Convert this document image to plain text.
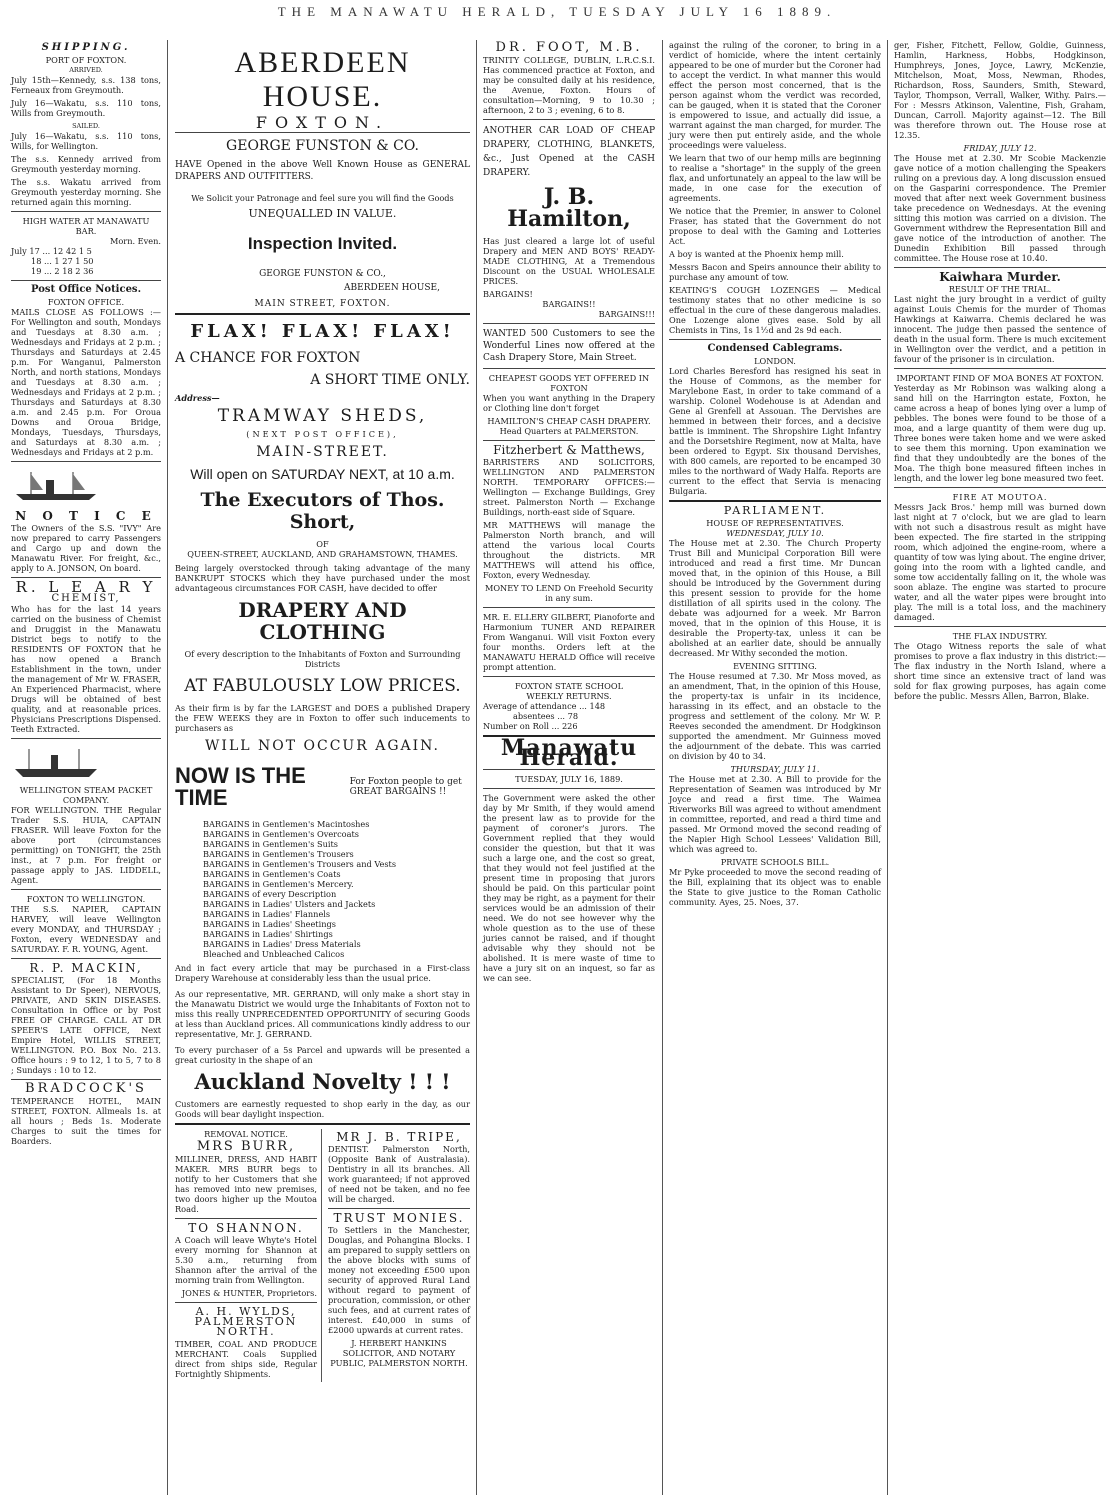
THE MANAWATU HERALD, TUESDAY JULY 16 1889.
SHIPPING.
PORT OF FOXTON.
ARRIVED.
July 15th—Kennedy, s.s. 138 tons, Ferneaux from Greymouth.
July 16—Wakatu, s.s. 110 tons, Wills from Greymouth.
SAILED.
July 16—Wakatu, s.s. 110 tons, Wills, for Wellington.
The s.s. Kennedy arrived from Greymouth yesterday morning.
The s.s. Wakatu arrived from Greymouth yesterday morning. She returned again this morning.
HIGH WATER AT MANAWATU BAR.
Morn. Even.
July 17 ... 12 42 1 5
18 ... 1 27 1 50
19 ... 2 18 2 36
Post Office Notices.
FOXTON OFFICE.
MAILS CLOSE AS FOLLOWS :— For Wellington and south, Mondays and Tuesdays at 8.30 a.m. ; Wednesdays and Fridays at 2 p.m. ; Thursdays and Saturdays at 2.45 p.m. For Wanganui, Palmerston North, and north stations, Mondays and Tuesdays at 8.30 a.m. ; Wednesdays and Fridays at 2 p.m. ; Thursdays and Saturdays at 8.30 a.m. and 2.45 p.m. For Oroua Downs and Oroua Bridge, Mondays, Tuesdays, Thursdays, and Saturdays at 8.30 a.m. ; Wednesdays and Fridays at 2 p.m.
N O T I C E
The Owners of the S.S. "IVY" Are now prepared to carry Passengers and Cargo up and down the Manawatu River. For freight, &c., apply to A. JONSON, On board.
R. L E A R Y
CHEMIST,
Who has for the last 14 years carried on the business of Chemist and Druggist in the Manawatu District begs to notify to the RESIDENTS OF FOXTON that he has now opened a Branch Establishment in the town, under the management of Mr W. FRASER, An Experienced Pharmacist, where Drugs will be obtained of best quality, and at reasonable prices. Physicians Prescriptions Dispensed. Teeth Extracted.
WELLINGTON STEAM PACKET COMPANY.
FOR WELLINGTON. THE Regular Trader S.S. HUIA, CAPTAIN FRASER. Will leave Foxton for the above port (circumstances permitting) on TONIGHT, the 25th inst., at 7 p.m. For freight or passage apply to JAS. LIDDELL, Agent.
FOXTON TO WELLINGTON.
THE S.S. NAPIER, CAPTAIN HARVEY, will leave Wellington every MONDAY, and THURSDAY ; Foxton, every WEDNESDAY and SATURDAY. F. R. YOUNG, Agent.
R. P. MACKIN,
SPECIALIST, (For 18 Months Assistant to Dr Speer), NERVOUS, PRIVATE, AND SKIN DISEASES. Consultation in Office or by Post FREE OF CHARGE. CALL AT DR SPEER'S LATE OFFICE, Next Empire Hotel, WILLIS STREET, WELLINGTON. P.O. Box No. 213. Office hours : 9 to 12, 1 to 5, 7 to 8 ; Sundays : 10 to 12.
BRADCOCK'S
TEMPERANCE HOTEL, MAIN STREET, FOXTON. Allmeals 1s. at all hours ; Beds 1s. Moderate Charges to suit the times for Boarders.
ABERDEEN HOUSE.
FOXTON.
GEORGE FUNSTON & CO.
HAVE Opened in the above Well Known House as GENERAL DRAPERS AND OUTFITTERS.
We Solicit your Patronage and feel sure you will find the Goods
UNEQUALLED IN VALUE.
Inspection Invited.
GEORGE FUNSTON & CO.,
ABERDEEN HOUSE,
MAIN STREET, FOXTON.
FLAX! FLAX! FLAX!
A CHANCE FOR FOXTON
A SHORT TIME ONLY.
Address—
TRAMWAY SHEDS,
(NEXT POST OFFICE),
MAIN-STREET.
Will open on SATURDAY NEXT, at 10 a.m.
The Executors of Thos. Short,
OF
QUEEN-STREET, AUCKLAND, AND GRAHAMSTOWN, THAMES.
Being largely overstocked through taking advantage of the many BANKRUPT STOCKS which they have purchased under the most advantageous circumstances FOR CASH, have decided to offer
DRAPERY AND CLOTHING
Of every description to the Inhabitants of Foxton and Surrounding Districts
AT FABULOUSLY LOW PRICES.
As their firm is by far the LARGEST and DOES a published Drapery the FEW WEEKS they are in Foxton to offer such inducements to purchasers as
WILL NOT OCCUR AGAIN.
NOW IS THE TIME
For Foxton people to get GREAT BARGAINS !!
BARGAINS in Gentlemen's Macintoshes
BARGAINS in Gentlemen's Overcoats
BARGAINS in Gentlemen's Suits
BARGAINS in Gentlemen's Trousers
BARGAINS in Gentlemen's Trousers and Vests
BARGAINS in Gentlemen's Coats
BARGAINS in Gentlemen's Mercery.
BARGAINS of every Description
BARGAINS in Ladies' Ulsters and Jackets
BARGAINS in Ladies' Flannels
BARGAINS in Ladies' Sheetings
BARGAINS in Ladies' Shirtings
BARGAINS in Ladies' Dress Materials
Bleached and Unbleached Calicos
And in fact every article that may be purchased in a First-class Drapery Warehouse at considerably less than the usual price.
As our representative, MR. GERRAND, will only make a short stay in the Manawatu District we would urge the Inhabitants of Foxton not to miss this really UNPRECEDENTED OPPORTUNITY of securing Goods at less than Auckland prices. All communications kindly address to our representative, Mr. J. GERRAND.
To every purchaser of a 5s Parcel and upwards will be presented a great curiosity in the shape of an
Auckland Novelty ! ! !
Customers are earnestly requested to shop early in the day, as our Goods will bear daylight inspection.
REMOVAL NOTICE.
MRS BURR,
MILLINER, DRESS, AND HABIT MAKER. MRS BURR begs to notify to her Customers that she has removed into new premises, two doors higher up the Moutoa Road.
TO SHANNON.
A Coach will leave Whyte's Hotel every morning for Shannon at 5.30 a.m., returning from Shannon after the arrival of the morning train from Wellington.
JONES & HUNTER, Proprietors.
A. H. WYLDS, PALMERSTON NORTH.
TIMBER, COAL AND PRODUCE MERCHANT. Coals Supplied direct from ships side, Regular Fortnightly Shipments.
MR J. B. TRIPE,
DENTIST. Palmerston North, (Opposite Bank of Australasia). Dentistry in all its branches. All work guaranteed; if not approved of need not be taken, and no fee will be charged.
TRUST MONIES.
To Settlers in the Manchester, Douglas, and Pohangina Blocks. I am prepared to supply settlers on the above blocks with sums of money not exceeding £500 upon security of approved Rural Land without regard to payment of procuration, commission, or other such fees, and at current rates of interest. £40,000 in sums of £2000 upwards at current rates.
J. HERBERT HANKINS SOLICITOR, AND NOTARY PUBLIC, PALMERSTON NORTH.
DR. FOOT, M.B.
TRINITY COLLEGE, DUBLIN, L.R.C.S.I. Has commenced practice at Foxton, and may be consulted daily at his residence, the Avenue, Foxton. Hours of consultation—Morning, 9 to 10.30 ; afternoon, 2 to 3 ; evening, 6 to 8.
ANOTHER CAR LOAD OF CHEAP DRAPERY, CLOTHING, BLANKETS, &c., Just Opened at the CASH DRAPERY.
J. B. Hamilton,
Has just cleared a large lot of useful Drapery and MEN AND BOYS' READY-MADE CLOTHING, At a Tremendous Discount on the USUAL WHOLESALE PRICES.
BARGAINS!
BARGAINS!!
BARGAINS!!!
WANTED 500 Customers to see the Wonderful Lines now offered at the Cash Drapery Store, Main Street.
CHEAPEST GOODS YET OFFERED IN FOXTON
When you want anything in the Drapery or Clothing line don't forget
HAMILTON'S CHEAP CASH DRAPERY.
Head Quarters at PALMERSTON.
Fitzherbert & Matthews,
BARRISTERS AND SOLICITORS, WELLINGTON AND PALMERSTON NORTH. TEMPORARY OFFICES:— Wellington — Exchange Buildings, Grey street. Palmerston North — Exchange Buildings, north-east side of Square.
MR MATTHEWS will manage the Palmerston North branch, and will attend the various local Courts throughout the districts. MR MATTHEWS will attend his office, Foxton, every Wednesday.
MONEY TO LEND On Freehold Security in any sum.
MR. E. ELLERY GILBERT, Pianoforte and Harmonium TUNER AND REPAIRER From Wanganui. Will visit Foxton every four months. Orders left at the MANAWATU HERALD Office will receive prompt attention.
FOXTON STATE SCHOOL
WEEKLY RETURNS.
Average of attendance ... 148
absentees ... 78
Number on Roll ... 226
Manawatu Herald.
TUESDAY, JULY 16, 1889.
The Government were asked the other day by Mr Smith, if they would amend the present law as to provide for the payment of coroner's jurors. The Government replied that they would consider the question, but that it was such a large one, and the cost so great, that they would not feel justified at the present time in proposing that jurors should be paid. On this particular point they may be right, as a payment for their services would be an admission of their need. We do not see however why the whole question as to the use of these juries cannot be raised, and if thought advisable why they should not be abolished. It is mere waste of time to have a jury sit on an inquest, so far as we can see.
against the ruling of the coroner, to bring in a verdict of homicide, where the intent certainly appeared to be one of murder but the Coroner had to accept the verdict. In what manner this would effect the person most concerned, that is the person against whom the verdict was recorded, can be gauged, when it is stated that the Coroner is empowered to issue, and actually did issue, a warrant against the man charged, for murder. The jury were then put entirely aside, and the whole proceedings were valueless.
We learn that two of our hemp mills are beginning to realise a "shortage" in the supply of the green flax, and unfortunately an appeal to the law will be made, in one case for the execution of agreements.
We notice that the Premier, in answer to Colonel Fraser, has stated that the Government do not propose to deal with the Gaming and Lotteries Act.
A boy is wanted at the Phoenix hemp mill.
Messrs Bacon and Speirs announce their ability to purchase any amount of tow.
KEATING'S COUGH LOZENGES — Medical testimony states that no other medicine is so effectual in the cure of these dangerous maladies. One Lozenge alone gives ease. Sold by all Chemists in Tins, 1s 1½d and 2s 9d each.
Condensed Cablegrams.
LONDON.
Lord Charles Beresford has resigned his seat in the House of Commons, as the member for Marylebone East, in order to take command of a warship. Colonel Wodehouse is at Adendan and Gene al Grenfell at Assouan. The Dervishes are hemmed in between their forces, and a decisive battle is imminent. The Shropshire Light Infantry and the Dorsetshire Regiment, now at Malta, have been ordered to Egypt. Six thousand Dervishes, with 800 camels, are reported to be encamped 30 miles to the northward of Wady Halfa. Reports are current to the effect that Servia is menacing Bulgaria.
PARLIAMENT.
HOUSE OF REPRESENTATIVES.
WEDNESDAY, JULY 10.
The House met at 2.30. The Church Property Trust Bill and Municipal Corporation Bill were introduced and read a first time. Mr Duncan moved that, in the opinion of this House, a Bill should be introduced by the Government during this present session to provide for the home distillation of all spirits used in the colony. The debate was adjourned for a week. Mr Barron moved, that in the opinion of this House, it is desirable the Property-tax, unless it can be abolished at an earlier date, should be annually decreased. Mr Withy seconded the motion.
EVENING SITTING.
The House resumed at 7.30. Mr Moss moved, as an amendment, That, in the opinion of this House, the property-tax is unfair in its incidence, harassing in its effect, and an obstacle to the progress and settlement of the colony. Mr W. P. Reeves seconded the amendment. Dr Hodgkinson supported the amendment. Mr Guinness moved the adjournment of the debate. This was carried on division by 40 to 34.
THURSDAY, JULY 11.
The House met at 2.30. A Bill to provide for the Representation of Seamen was introduced by Mr Joyce and read a first time. The Waimea Riverworks Bill was agreed to without amendment in committee, reported, and read a third time and passed. Mr Ormond moved the second reading of the Napier High School Lessees' Validation Bill, which was agreed to.
PRIVATE SCHOOLS BILL.
Mr Pyke proceeded to move the second reading of the Bill, explaining that its object was to enable the State to give justice to the Roman Catholic community. Ayes, 25. Noes, 37.
ger, Fisher, Fitchett, Fellow, Goldie, Guinness, Hamlin, Harkness, Hobbs, Hodgkinson, Humphreys, Jones, Joyce, Lawry, McKenzie, Mitchelson, Moat, Moss, Newman, Rhodes, Richardson, Ross, Saunders, Smith, Steward, Taylor, Thompson, Verrall, Walker, Withy. Pairs.—For : Messrs Atkinson, Valentine, Fish, Graham, Duncan, Carroll. Majority against—12. The Bill was therefore thrown out. The House rose at 12.35.
FRIDAY, JULY 12.
The House met at 2.30. Mr Scobie Mackenzie gave notice of a motion challenging the Speakers ruling on a previous day. A long discussion ensued on the Gasparini correspondence. The Premier moved that after next week Government business take precedence on Wednesdays. At the evening sitting this motion was carried on a division. The Government withdrew the Representation Bill and gave notice of the introduction of another. The Dunedin Exhibition Bill passed through committee. The House rose at 10.40.
Kaiwhara Murder.
RESULT OF THE TRIAL.
Last night the jury brought in a verdict of guilty against Louis Chemis for the murder of Thomas Hawkings at Kaiwarra. Chemis declared he was innocent. The judge then passed the sentence of death in the usual form. There is much excitement in Wellington over the verdict, and a petition in favour of the prisoner is in circulation.
IMPORTANT FIND OF MOA BONES AT FOXTON.
Yesterday as Mr Robinson was walking along a sand hill on the Harrington estate, Foxton, he came across a heap of bones lying over a lump of pebbles. The bones were found to be those of a moa, and a large quantity of them were dug up. Three bones were taken home and we were asked to see them this morning. Upon examination we find that they undoubtedly are the bones of the Moa. The thigh bone measured fifteen inches in length, and the lower leg bone measured two feet.
FIRE AT MOUTOA.
Messrs Jack Bros.' hemp mill was burned down last night at 7 o'clock, but we are glad to learn with not such a disastrous result as might have been expected. The fire started in the stripping room, which adjoined the engine-room, where a quantity of tow was lying about. The engine driver, going into the room with a lighted candle, and some tow accidentally falling on it, the whole was soon ablaze. The engine was started to procure water, and all the water pipes were brought into play. The mill is a total loss, and the machinery damaged.
THE FLAX INDUSTRY.
The Otago Witness reports the sale of what promises to prove a flax industry in this district:—The flax industry in the North Island, where a short time since an extensive tract of land was sold for flax growing purposes, has again come before the public. Messrs Allen, Barron, Blake.
